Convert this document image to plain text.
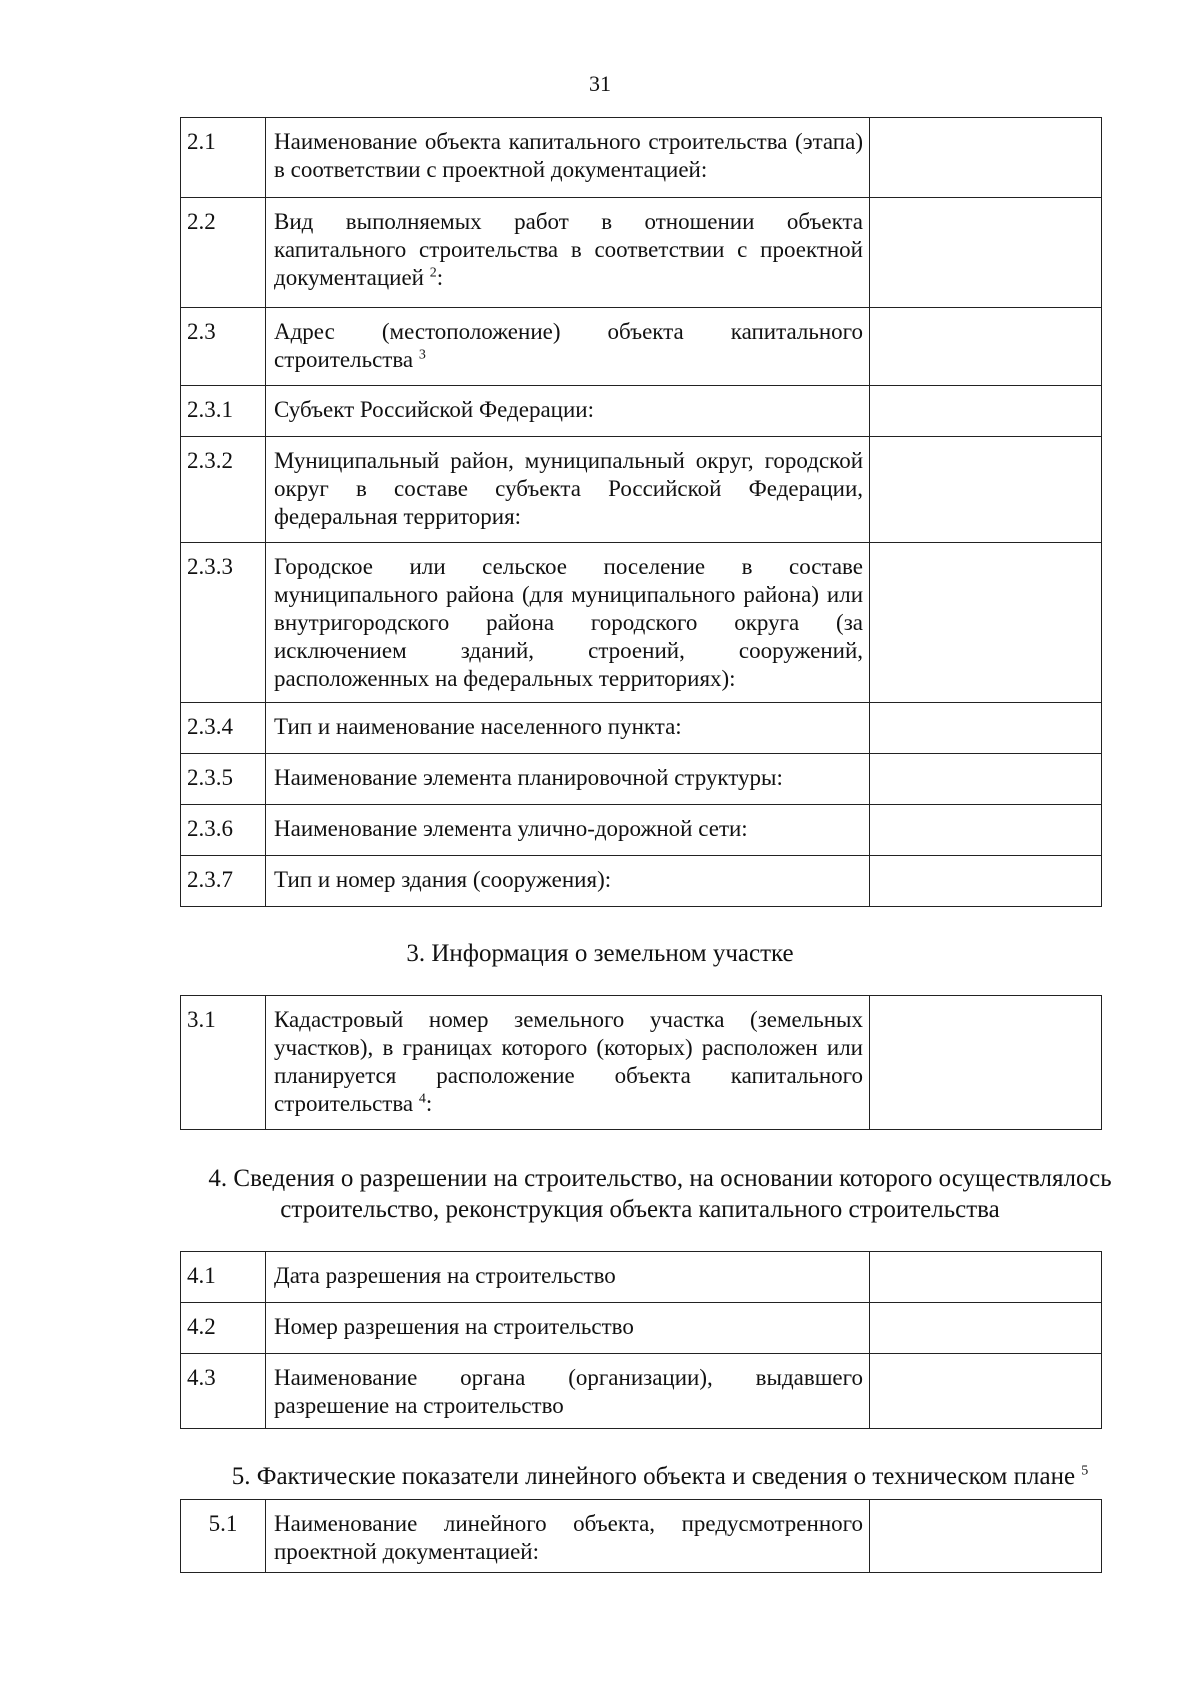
31
2.1	Наименование объекта капитального строительства (этапа) в соответствии с проектной документацией:	
2.2	Вид выполняемых работ в отношении объекта капитального строительства в соответствии с проектной документацией $^2$:	
2.3	Адрес (местоположение) объекта капитального строительства $^3$	
2.3.1	Субъект Российской Федерации:	
2.3.2	Муниципальный район, муниципальный округ, городской округ в составе субъекта Российской Федерации, федеральная территория:	
2.3.3	Городское или сельское поселение в составе муниципального района (для муниципального района) или внутригородского района городского округа (за исключением зданий, строений, сооружений, расположенных на федеральных территориях):	
2.3.4	Тип и наименование населенного пункта:	
2.3.5	Наименование элемента планировочной структуры:	
2.3.6	Наименование элемента улично-дорожной сети:	
2.3.7	Тип и номер здания (сооружения):	
3. Информация о земельном участке
3.1	Кадастровый номер земельного участка (земельных участков), в границах которого (которых) расположен или планируется расположение объекта капитального строительства $^4$:	
4. Сведения о разрешении на строительство, на основании которого осуществлялось
строительство, реконструкция объекта капитального строительства
4.1	Дата разрешения на строительство	
4.2	Номер разрешения на строительство	
4.3	Наименование органа (организации), выдавшего разрешение на строительство	
5. Фактические показатели линейного объекта и сведения о техническом плане $^5$
5.1	Наименование линейного объекта, предусмотренного проектной документацией:	
